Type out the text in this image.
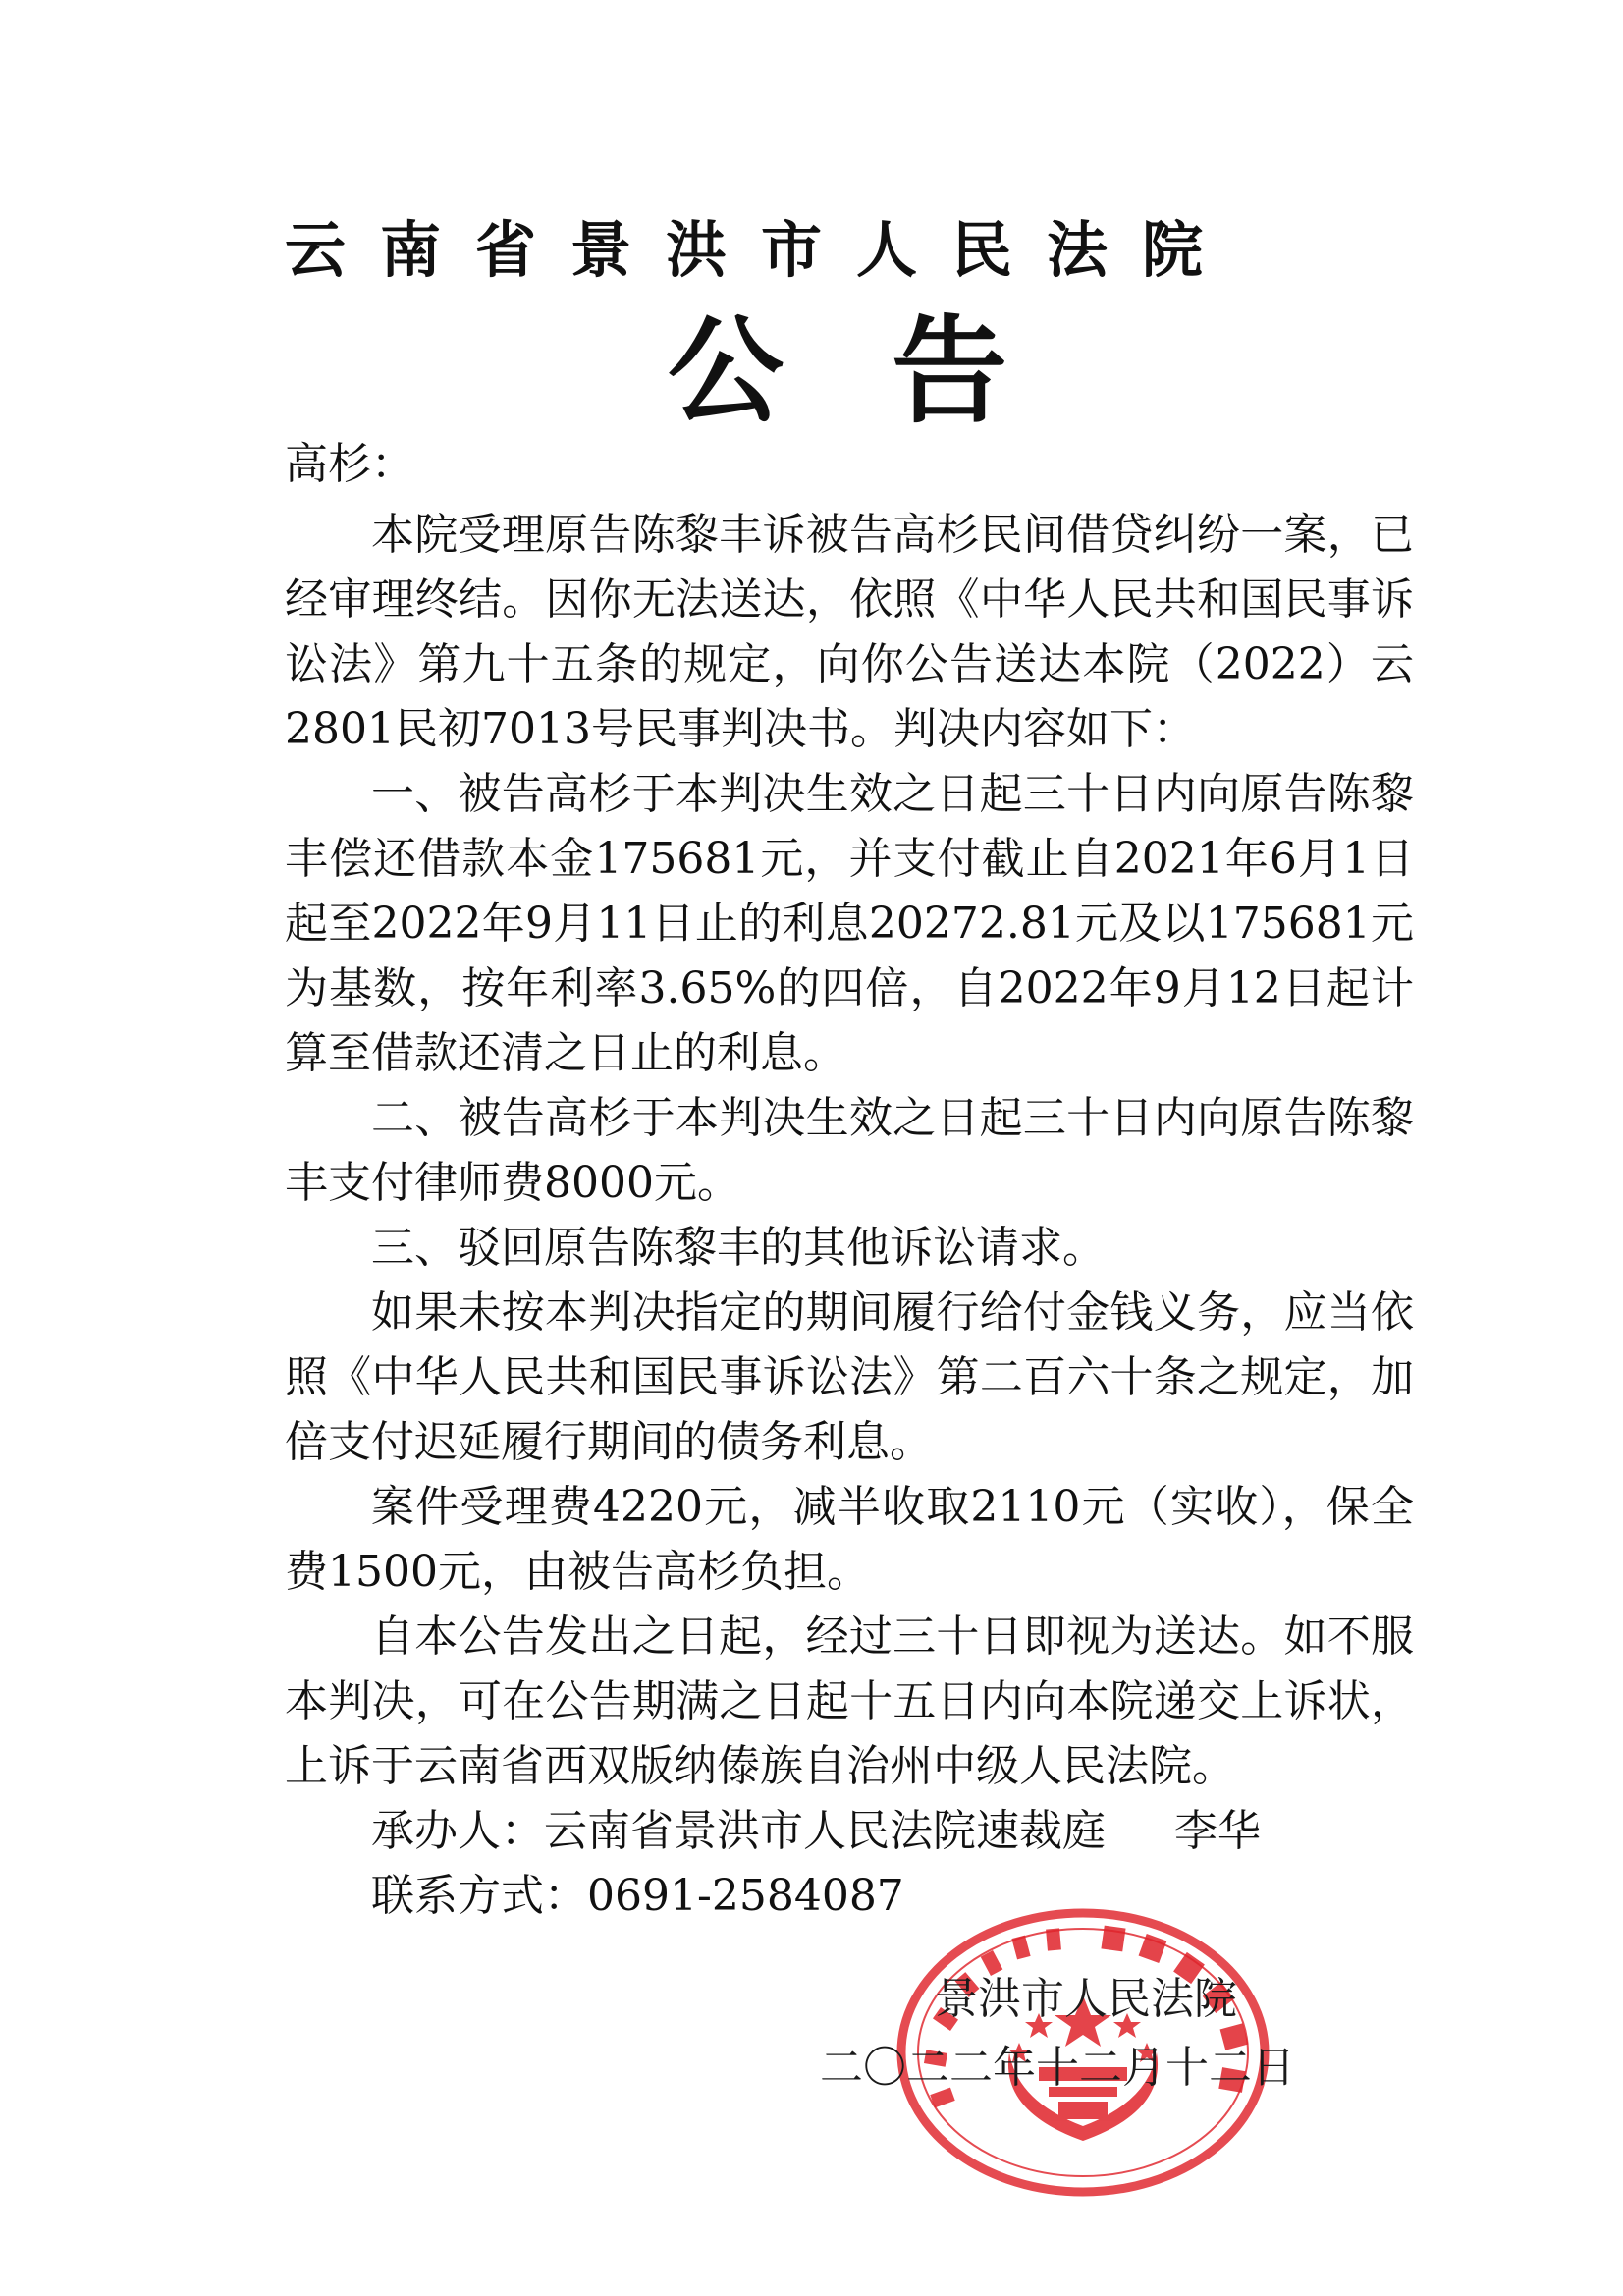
云南省景洪市人民法院
公告

高杉：

本院受理原告陈黎丰诉被告高杉民间借贷纠纷一案，已经审理终结。因你无法送达，依照《中华人民共和国民事诉讼法》第九十五条的规定，向你公告送达本院（2022）云2801民初7013号民事判决书。判决内容如下：

一、被告高杉于本判决生效之日起三十日内向原告陈黎丰偿还借款本金175681元，并支付截止自2021年6月1日起至2022年9月11日止的利息20272.81元及以175681元为基数，按年利率3.65%的四倍，自2022年9月12日起计算至借款还清之日止的利息。

二、被告高杉于本判决生效之日起三十日内向原告陈黎丰支付律师费8000元。

三、驳回原告陈黎丰的其他诉讼请求。

如果未按本判决指定的期间履行给付金钱义务，应当依照《中华人民共和国民事诉讼法》第二百六十条之规定，加倍支付迟延履行期间的债务利息。

案件受理费4220元，减半收取2110元（实收），保全费1500元，由被告高杉负担。

自本公告发出之日起，经过三十日即视为送达。如不服本判决，可在公告期满之日起十五日内向本院递交上诉状，上诉于云南省西双版纳傣族自治州中级人民法院。

承办人：云南省景洪市人民法院速裁庭 李华

联系方式：0691-2584087

景洪市人民法院
二〇二二年十二月十二日
